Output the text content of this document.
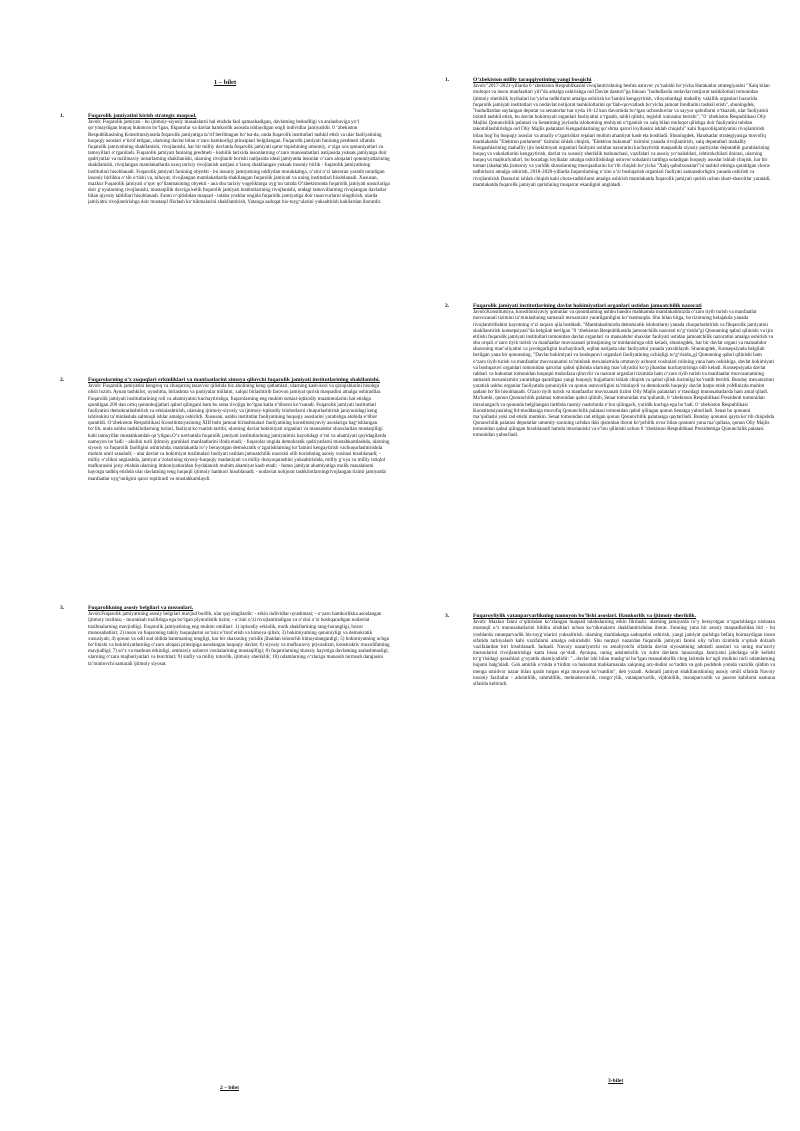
1 – bilet
1.	Fuqarolik jamiyatini kirish strategic maqsad.
Javob: Fuqarolik jamiyati - bu ijtimoiy-siyosiy masalalarni hal etishda faol qatnashadigan, davlatning bedodlligi va aralashuviga yo‘l qo‘ymaydigan huquq hukmron bo‘lgan, fikparolar va davlat hamkorlik asosida ishlaydigan ongli individlar jamiyatidir. 0 ‘zbekiston Respublikasining Konstitutsiyasida fuqarolik jamiyatiga ta’rif berilmagan bo‘lsa-da, unda fuqarolik institutlari tashkil etish va ular faoliyatining huquqiy asoslari e’tirof etilgan, ularning davlat bilan o‘zaro hamkorligi prinsiplari belgilangan. Fuqarolik jamiyati fanining predmeti sifatida fuqarolik jamiyatining shakllanishi, rivojlanishi, har bir milliy davlatda fuqarolik jamiyati qaror topishining umumiy, o‘ziga xos qonuniyatlari va tamoyillari o‘rganiladi. Fuqarolik jamiyati fanining predmeti - kishilik tarixida insonlarning o‘zaro munosabatlari natijasida yuksak jamiyatga doir qadriyatlar va tuzilmaviy unsurlarning shakllanishi, ularning rivojlanib borishi natijasida ideal jamiyatda insonlar o‘zaro aloqalari qonuniyatlarining shakllanishi, rivojlangan mamlakatlarda uzoq tarixiy rivojlanish natijasi o‘laroq shakllangan yuksak insoniy birlik - fuqarolik jamiyatining institutlari hisoblanadi. Fuqarolik jamiyati fanining obyekti - bu insoniy jamiyatning oddiydan murakkabga, o‘zini o‘zi takroran yaratib turadigan insoniy birlikka o‘sib o‘tishi va, nihoyat, rivojlangan mamlakatlarda shakllangan fuqarolik jamiyati va uning institutlari hisoblanadi. Xususan, mazkur Fuqarolik jamiyati o‘quv qo‘llanmasining obyekti - ana shu tarixiy vogeliklarga uyg‘un tarzda O‘zbekistonda fuqarolik jamiyati unsurlariga doir g‘oyalarning rivojlanishi, mustaqillik davriga kelib fuqarolik jamiyati institutlarining rivojlanishi, undagi tamovillarning rivojlangan davlatlar bilan qiyosiy tahlillari hisoblanadi. Fanni o‘qitishdan maqsad - talaba yoshlar ongida fuqarolik jamiyatiga doir tasavvurlarni singdirish, ularda jamiyatni rivojlantirishga doir mustaqil fikrlash ko‘nikmalarini shakllantirish, Vatanga sadoqat his-tuyg‘ularini yuksaltirish kabilardan iboratdir.
2.	Fuqarolarning o‘z xuquqlari erkinliklari va manfaatlarini ximoya qiluvchi fuqarolik jamiyati institutlarining shakllanishi.
Javob: Fuqarolik jamiyatini kengroq va chuqurroq tasavvur qilishda biz aholining keng qatlamlari, ularning kasb-kori va qiziqishlarini hisobga olish lozim. Aynan tashkilot, uyushma, birlashma va partiyalar millatni, xalqni birlashtirib farovon jamiyat qurish maqsadini amalga oshiradilar. Fuqarolik jamiyati institutlarining roli va ahamiyatini kuchaytirishga, fuqarolarning eng muhim sotsial-iqtisodiy muammolarini hal etishga qaratilgan 200 dan ortiq qonunhujjatlari qabul qilingani ham bu soha rivojiga bo‘lgan katta e’tiborni ko‘rsatadi. Fuqarolik jamiyati institutlari faoliyatini demokratlashtirish va erkinlashtirish, ularning ijtimoiy-siyosiy va ijtimoiy-iqtisodiy islohotlarni chuqurlashtirish jarayonidagi keng ishtirokini ta’minlashda salmoqli ishlar amalga oshirildi. Xususan, ushbu institutlar faoliyatining huquqiy asoslarini yaratishga alohida e’tibor qaratildi. O‘zbekiston Respublikasi Konstitutsiyasining XIII bobi jamoat birlashmalari faoliyatining konstitutsiyaviy asoslariga bag‘ishlangan bo‘lib, unda ushbu tashkilotlarning turlari, faoliyat ko‘rsatish tartibi, ularning davlat hokimiyati organlari va mansabdor shaxslardan mustaqilligi kabi tamoyillar mustahkamlab qo‘yilgan.O‘z navbatida fuqarolik jamiyati institutlarining jamiyatimiz hayotidagi o‘rni va ahamiyati quyidagilarda namoyon bo‘ladi: - aholini turli ijtimoiy guruhlari manfaatlarini ifoda etadi; - fuqarolar ongida demokratik qadriyatlarni mustahkamlashda, ularning siyosiy va fuqarolik faolligini oshirishda, mamlakatda ro‘y berayotgan demokratik o‘zgarishlarning ko‘lamini kengaytirish vachuqurlashtirishda muhim omil sanaladi; - ular davlat va hokimiyat tuzilmalari faoliyati ustidan jamoatchilik nazorati olib borishning asosiy vositasi hisoblanadi; - milliy o‘zlikni anglashda, jamiyat a’zolarining siyosiy-huquqiy madaniyati va milliy dunyoqarashini yuksaltirishda, milliy g‘oya va milliy istiqlol mafkurasini joriy etishda ularning imkoniyatlaridan foydalanish muhim ahamiyat kasb etadi; - butun jamiyat ahamiyatiga molik masalalarni hayotga tadbiq etishda ular davlatning teng huquqli ijtimoiy hamkori hisoblanadi; - nodavlat notijorat tashkilotlarningrivojlangan tizimi jamiyatda manfaatlar uyg‘unligini qaror topitiradi va mustahkamlaydi.
3.	Fuqarolikning asosiy belgilari va mezonlari.
Javob:Fuqarolik jamiyatining asosiy belgilari mavjud bo4lib, ular quyidagilardir: - erkin individlar uyushmasi; - o‘zaro hamkorlikka asoslangan ijtimoiy tuzilma; - murakkab tuzilishga ega bo‘lgan plyuralistik tizim; - o‘zini o‘zi rivojlantiradigan va o‘zini o‘zi boshqaradigan nodavlat tuzilmalarning mavjudligi. Fuqarolik jamiyatining eng muhim omillari: 1) iqtisodiy erkinlik, mulk shakllarining rang-barangligi, bozor munosabatlari; 2) inson va fuqaroning tabiiy huquqlarini so‘zsiz e’tirof etish va himoya qilish; 3) hokimiyatning qonuniyligi va demokratik xususiyati; 4) qonun va odil sud oldida hammaning tengligi, har bir shaxsning yuridik jihatdan ishonchli himoyalanganligi; 5) hokimiyatning uchga bo‘linishi va hokimiyatlarning o‘zaro aloqasi prinsipiga asoslangan huquqiy davlat; 6) siyosiy va mafkuraviy plyuralizm, konstruktiv muxolifatning mavjudligi; 7) so‘z va matbuot erkinligi, ommaviy axborot vositalarining mustaqilligi; 8) fuqarolarning shaxsiy hayotiga davlatning aralashmasligi, ularning o‘zaro majburiyatlari va burchlari; 9) sinfiy va milliy totuvlik, ijtimoiy sheriklik; 10) odamlarning o‘zlariga munosib turmush darajasini ta’minlovchi samarali ijtimoiy siyosat.
2 – bilet
1.	O‘zbekiston milliy taraqqiyotining yangi bosqichi
Javob:"2017-2021-yillarda 0 ‘zbekiston Respublikasini rivojlantirishning beshta ustuvor yo‘nalishi bo‘yicha Harakatlar strategiyasini "Xalq bilan muloqot va inson manfaatlari yili"da amalga oshirishga oid Davlat dasturi"ga binoan "hududlarda nodavlat notijorat tashkilotlari tomonidan ijtimoiy sheriklik loyihalari bo‘yicha tadbirlarni amalga oshirish ko‘lamini kengaytirish, viloyatlardagi mahalliy vakillik organlari huzurida fuqarolik jamiyati institutlari va nodavlat notijorat tashkilotlarini qo‘llab-quvvatlash bo‘yicha jamoat fondlarini tashkil etish", shuningdek, "hududlardan saylangan deputat va senatorlar har oyda 10-12 kun davomida bo‘lgan uchrashuvlar va sayyor qabullarni o‘tkazish, ular faoliyatini tizimli tashkil etish, bu davlat hokimiyati organlari faoliyatini o‘rganib, tahlil qilishi, tegishli xulosalar berishi", "0 ‘zbekiston Respublikasi Oliy Majlisi Qonunchilik palatasi va Senatining joylarda islohotning mohiyati o‘rganish va xalq bilan muloqot qilishga doir faoliyatini tubdan takomillashtirishga oid Oliy Majlis palatalari Kengashlarining qo‘shma qarori loyihasini ishlab chiqishi" kabi fuqarolikjamiyatini rivojlantirish bilan bog‘liq huquqiy asoslar va amaliy o‘zgarishlar rejalari muhim ahamiyat kasb eta boshladi. Shuningdek, Harakatlar strategiyasiga muvofiq mamlakatda "Elektron parlament" tizimini ishlab chiqish, "Elektron hukumat" tizimini yanada rivojlantirish, xalq deputatlari mahalliy Kengashlarining mahalliy ijro hokimiyati organlari faoliyati ustidan nazoratini kuchaytirish maqsadida siyosiy partiyalar deputatlik guruhlarining huquq va vakolatlarini kengaytirish, davlat va xususiy sheriklik tushunchasi, vazifalari va asosiy yo‘nalishlari, ishtirokchilari doirasi, ularning huquq va majburiyatlari, bu boradagi loyihalar amalga oshirilishidagi ustuvor sohalarni tartibga soladigan huquqiy asoslar ishlab chiqish, har bir tuman (shahar)da jismoniy va yuridik shaxslarning murojaatlarini ko‘rib chiqish bo‘yicha "Xalq qabulxonalari"ni tashkil etishga qaratilgan chora-tadbirlarni amalga oshirish, 2018-2020-yillarda fuqarolarning o‘zini o‘zi boshqarish organlari faoliyati samaradorligini yanada oshirish va rivojlantirish Dasturini ishlab chiqish kabi chora-tadbirlarni amalga oshirish mamlakatda fuqarolik jamiyati qurish uchun shart-sharoitlar yaratadi, mamlakatda fuqarolik jamiyati qurishning muqarrar ekanligini anglatadi.
2.	Fuqarolik jamiyati institutlarining davlat hokimiyatlari organlari ustidan jamoatchilik nazorati
Javob:Konstitutsiya, konstitutsiyaviy qonunlar va qonunlarning ushbu bandni mahkamda mamlakatimizda o‘zaro tiyib turish va manfaatlar muvozanati tizimini ta’minlashning samarali mexanizmi yaratilganligini ko‘rsatmoqda. Shu bilan birga, bu tizimning kelajakda yanada rivojlantirilishini hayotning o‘zi taqozo qila boshladi. "Mamlakatimizda demokratik islohotlarni yanada chuqurlashtirish va fikqarolik jamiyatini shakllantirish konsepsiyasi"da belgilab berilgan "0 ‘zbekiston Respublikasida jamoatchilik nazorati to‘g‘risida"gi Qonunning qabul qilinishi va ijro etilishi fuqarolik jamiyati institutlari tomonidan davlat organlari va mansabdor shaxslar faoliyati ustidan jamoatchilik nazoratini amalga oshirish va shu orqali o‘zaro tiyib turish va manfaatlar muvozanati prinsipining ta’minlanishiga olib keladi, shuningdek, har bir davlat organi va mansabdor shaxsning mas’uliyatini va javobgarligini kuchaytiradi, oqibat natijada ular faoliyatini yanada yaxshilaydi. Shuningdek, Konsepsiyada belgilab berilgan yana bir qonunning, "Davlat hokimiyati va boshqaruvi organlari faoliyatining ochiqligi to‘g‘risida„gi Qonunning qabul qilinishi ham o‘zaro tiyib turish va manfaatlar muvozanatini ta’minlash mexanizmida ommaviy axborot vositalari rolining yana ham oshishiga, davlat hokimiyati va boshqaruvi organlari tomonidan qarorlar qabul qilishda ularning mas’uliyatini ko‘p jihatdan kuchaytirishga olib keladi. Konsepsiyada davlat rahbari va hukumat tomonidan huquqni muhofaza qiluvchi va nazorat organlari tizimida ham o‘zaro tiyib turish va manfaatlar muvozanatining samarali mexanizmini yaratishga qaratilgan yangi huquqiy hujjatlarni ishlab chiqish va qabul qilish lozimligi ko‘rsatib berildi. Bunday mexanizmni yaratish ushbu organlar faoliyatida qonuniylik va qonun ustuvorligini ta’minlaydi va demokratik huquqiy davlat barpo etish yoMinizda muhim qadam bo‘lib hisoblanadi. O'zaro tiyib turish va manfaatlar muvozanati tizimi Oliy Majlis palatalari o‘rtasidagi munosabatlarda ham amal qiladi. Ma'lumki, qonun Qonunchilik palatasi tomonidan qabul qilinib, Senat tomonidan ma’qullanib, 0 ‘zbekiston Respublikasi Prezidenti tomonidan imzolangach va qonunda belgilangan tartibda rasmiy nashrlarda e’lon qilingach, yuridik kuchga ega bo‘ladi. 0 ‘zbekiston Respublikasi Konstitutsiyasining 84-moddasiga muvofiq Qonunchilik palatasi tomonidan qabul qilingan qonun Senatga yuboriladi. Senat bu qonunni ma’qullashi yoki rad etishi mumkin. Senat tomonidan rad etilgan qonun Qonunchilik palatasiga qaytariladi. Bunday qonunni qayta ko‘rib chiqishda Qonunchilik palatasi deputatlar umumiy sonining uchdan ikki qismidan iborat ko‘pchilik ovoz bilan qonunni yana ma’qullasa, qonun Oliy Majlis tomonidan qabul qilingan hisoblanadi hamda imzolanishi va e’lon qilinishi uchun 0 ‘zbekiston Respublikasi Prezidentiga Qonunchilik palatasi tomonidan yuboriladi.
3.	Fuqaroyliylik vatanparvarlikning namoyon bo‘lishi asoslari. Hamkorlik va ijtimoiy sheriklik.
Javob: Mazkur fanni o‘qitishdan ko‘zlangan maqsad talabalarning erkin fikrlashi. ularning jamiyatda ro‘y berayotgan o‘zgarishlarga nisbatan mustaqil o‘z munosabatlarini bildira olishlari uchun ko‘nikmalarni shakllantirishdan iborat. Fanning yana bir asosiy maqsadlaridan biri - bu yoshlarda vatanparvarlik his-tuyg‘ularini yuksaltirish. ularning mamlakatga sadoqatini oshirish, yangi jamiyat qurishga befarq boimaydigan inson sifatida tarbiyalash kabi vazifalarni amalga oshirishdir. Shu nuqtayi nazardan fuqarolik jamiyati fanini oliy ta'lim tizimida o‘qitish dolzarb vazifalardan biri hisoblanadi. Iadsadi. Navoiy nazariyotchi va amaliyotchi sifatida davlat siyosatining adolatli asoslari va uning ma’naviy mezonlarini rivojlantirishga katta hissa qo‘shdi. Ayniqsa, uning adolatsizlik va zulm davlatni tanazzulga Jamiyatni jaholatga olib kelishi to‘g‘risidagi qarashlari g‘oyatda ahamiyatlidir: "...davlat ishi bilan mashg‘ul bo‘lgan mansabdorlik chog larimda ko‘ngil mulkini turli odamlarning hujumi balg'aladi. Goh amirlik o‘mida o‘tirdim va hukumat mahkamasida xalqning arz-dodini so‘radim va goh podshoh yonida vazirlik qildim va menga umidvor nazar bilan qarab turgan elga muruwat ko‘rsatdim", deb yozadi. Adolatli jamiyat shakllanishining asosiy omili sifatida Navoiy insoniy fazilatlar - adolatlilik, rahmdillik, mehnatsevarlik, rostgo‘ylik, vatanparvarlik, vijdonlilik, insonparvarlik va jasorat kabilarni namuna sifatida keltiradi.
3-bilet
